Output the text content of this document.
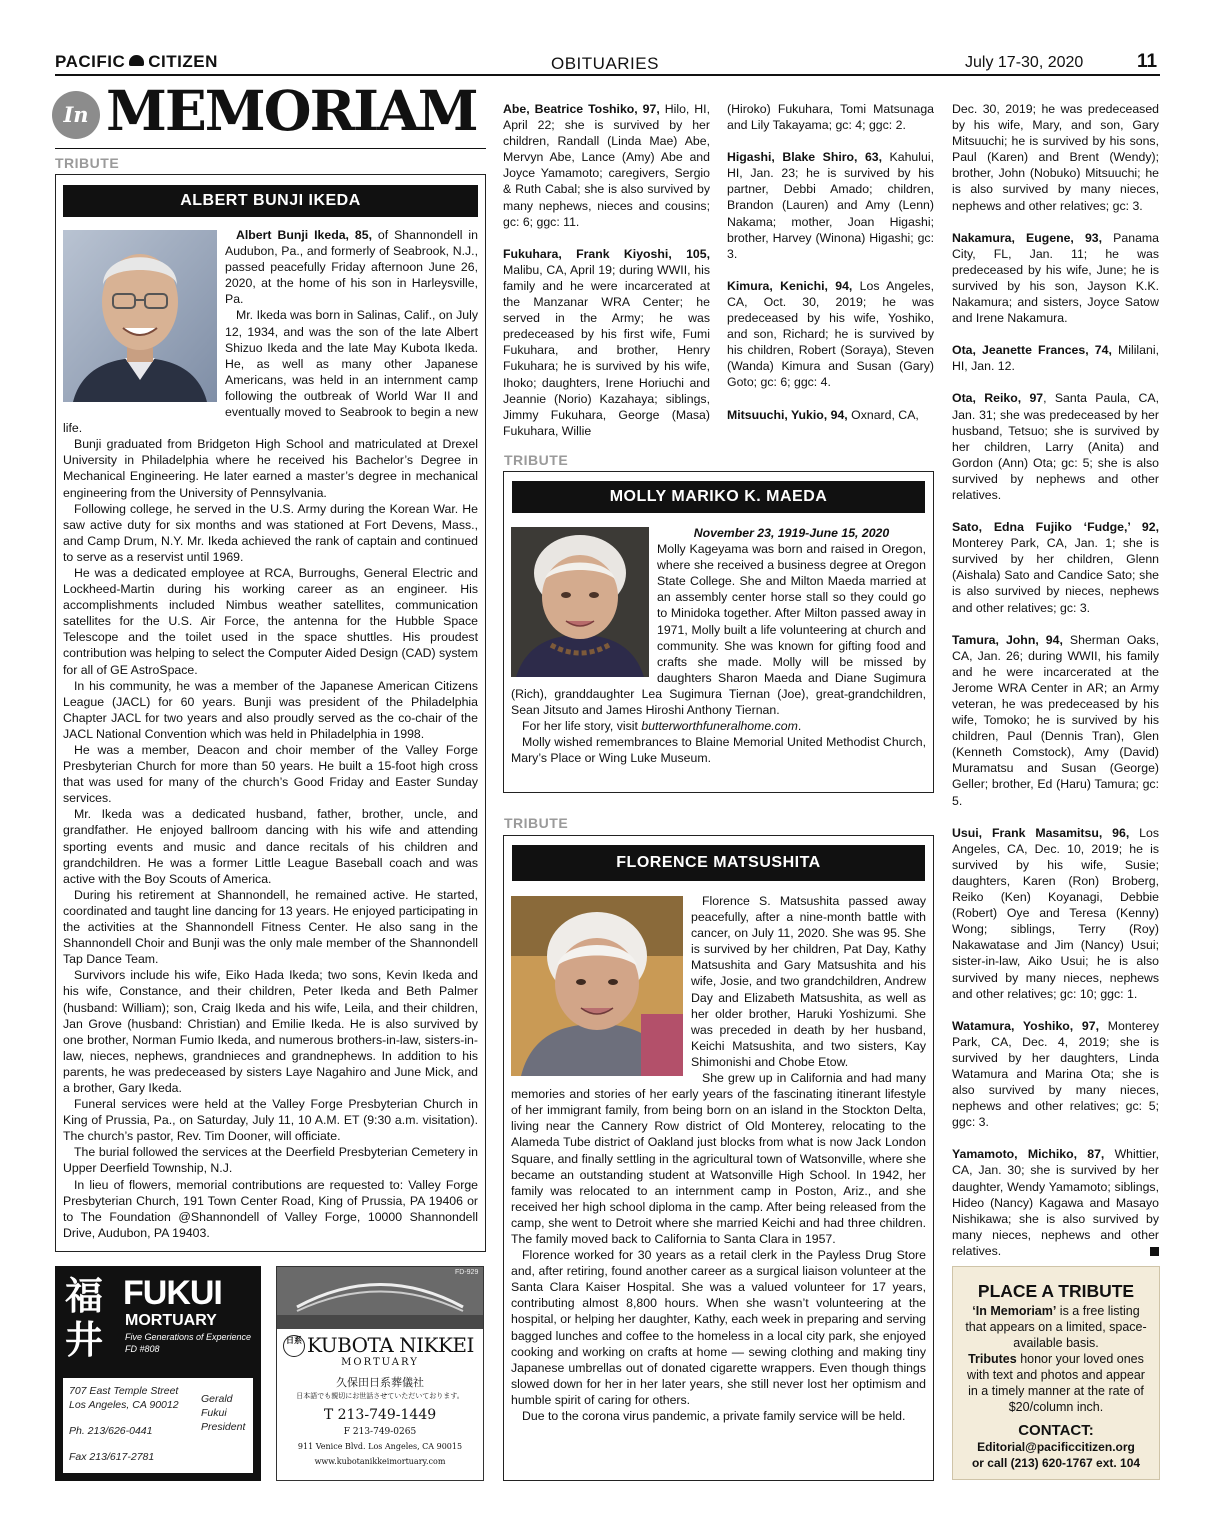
PACIFIC CITIZEN	OBITUARIES	July 17-30, 2020	11
In MEMORIAM
TRIBUTE
ALBERT BUNJI IKEDA

Albert Bunji Ikeda, 85, of Shannondell in Audubon, Pa., and formerly of Seabrook, N.J., passed peacefully Friday afternoon June 26, 2020, at the home of his son in Harleysville, Pa.

Mr. Ikeda was born in Salinas, Calif., on July 12, 1934, and was the son of the late Albert Shizuo Ikeda and the late May Kubota Ikeda. He, as well as many other Japanese Americans, was held in an internment camp following the outbreak of World War II and eventually moved to Seabrook to begin a new life.

Bunji graduated from Bridgeton High School and matriculated at Drexel University in Philadelphia where he received his Bachelor’s Degree in Mechanical Engineering. He later earned a master’s degree in mechanical engineering from the University of Pennsylvania.

Following college, he served in the U.S. Army during the Korean War. He saw active duty for six months and was stationed at Fort Devens, Mass., and Camp Drum, N.Y. Mr. Ikeda achieved the rank of captain and continued to serve as a reservist until 1969.

He was a dedicated employee at RCA, Burroughs, General Electric and Lockheed-Martin during his working career as an engineer. His accomplishments included Nimbus weather satellites, communication satellites for the U.S. Air Force, the antenna for the Hubble Space Telescope and the toilet used in the space shuttles. His proudest contribution was helping to select the Computer Aided Design (CAD) system for all of GE AstroSpace.

In his community, he was a member of the Japanese American Citizens League (JACL) for 60 years. Bunji was president of the Philadelphia Chapter JACL for two years and also proudly served as the co-chair of the JACL National Convention which was held in Philadelphia in 1998.

He was a member, Deacon and choir member of the Valley Forge Presbyterian Church for more than 50 years. He built a 15-foot high cross that was used for many of the church’s Good Friday and Easter Sunday services.

Mr. Ikeda was a dedicated husband, father, brother, uncle, and grandfather. He enjoyed ballroom dancing with his wife and attending sporting events and music and dance recitals of his children and grandchildren. He was a former Little League Baseball coach and was active with the Boy Scouts of America.

During his retirement at Shannondell, he remained active. He started, coordinated and taught line dancing for 13 years. He enjoyed participating in the activities at the Shannondell Fitness Center. He also sang in the Shannondell Choir and Bunji was the only male member of the Shannondell Tap Dance Team.

Survivors include his wife, Eiko Hada Ikeda; two sons, Kevin Ikeda and his wife, Constance, and their children, Peter Ikeda and Beth Palmer (husband: William); son, Craig Ikeda and his wife, Leila, and their children, Jan Grove (husband: Christian) and Emilie Ikeda. He is also survived by one brother, Norman Fumio Ikeda, and numerous brothers-in-law, sisters-in-law, nieces, nephews, grandnieces and grandnephews. In addition to his parents, he was predeceased by sisters Laye Nagahiro and June Mick, and a brother, Gary Ikeda.

Funeral services were held at the Valley Forge Presbyterian Church in King of Prussia, Pa., on Saturday, July 11, 10 A.M. ET (9:30 a.m. visitation). The church’s pastor, Rev. Tim Dooner, will officiate.

The burial followed the services at the Deerfield Presbyterian Cemetery in Upper Deerfield Township, N.J.

In lieu of flowers, memorial contributions are requested to: Valley Forge Presbyterian Church, 191 Town Center Road, King of Prussia, PA 19406 or to The Foundation @Shannondell of Valley Forge, 10000 Shannondell Drive, Audubon, PA 19403.

Abe, Beatrice Toshiko, 97, Hilo, HI, April 22; she is survived by her children, Randall (Linda Mae) Abe, Mervyn Abe, Lance (Amy) Abe and Joyce Yamamoto; caregivers, Sergio & Ruth Cabal; she is also survived by many nephews, nieces and cousins; gc: 6; ggc: 11.

Fukuhara, Frank Kiyoshi, 105, Malibu, CA, April 19; during WWII, his family and he were incarcerated at the Manzanar WRA Center; he served in the Army; he was predeceased by his first wife, Fumi Fukuhara, and brother, Henry Fukuhara; he is survived by his wife, Ihoko; daughters, Irene Horiuchi and Jeannie (Norio) Kazahaya; siblings, Jimmy Fukuhara, George (Masa) Fukuhara, Willie

(Hiroko) Fukuhara, Tomi Matsunaga and Lily Takayama; gc: 4; ggc: 2.

Higashi, Blake Shiro, 63, Kahului, HI, Jan. 23; he is survived by his partner, Debbi Amado; children, Brandon (Lauren) and Amy (Lenn) Nakama; mother, Joan Higashi; brother, Harvey (Winona) Higashi; gc: 3.

Kimura, Kenichi, 94, Los Angeles, CA, Oct. 30, 2019; he was predeceased by his wife, Yoshiko, and son, Richard; he is survived by his children, Robert (Soraya), Steven (Wanda) Kimura and Susan (Gary) Goto; gc: 6; ggc: 4.

Mitsuuchi, Yukio, 94, Oxnard, CA,

TRIBUTE
MOLLY MARIKO K. MAEDA

November 23, 1919-June 15, 2020

Molly Kageyama was born and raised in Oregon, where she received a business degree at Oregon State College. She and Milton Maeda married at an assembly center horse stall so they could go to Minidoka together. After Milton passed away in 1971, Molly built a life volunteering at church and community. She was known for gifting food and crafts she made. Molly will be missed by daughters Sharon Maeda and Diane Sugimura (Rich), granddaughter Lea Sugimura Tiernan (Joe), great-grandchildren, Sean Jitsuto and James Hiroshi Anthony Tiernan.

For her life story, visit butterworthfuneralhome.com.

Molly wished remembrances to Blaine Memorial United Methodist Church, Mary’s Place or Wing Luke Museum.

TRIBUTE
FLORENCE MATSUSHITA

Florence S. Matsushita passed away peacefully, after a nine-month battle with cancer, on July 11, 2020. She was 95. She is survived by her children, Pat Day, Kathy Matsushita and Gary Matsushita and his wife, Josie, and two grandchildren, Andrew Day and Elizabeth Matsushita, as well as her older brother, Haruki Yoshizumi. She was preceded in death by her husband, Keichi Matsushita, and two sisters, Kay Shimonishi and Chobe Etow.

She grew up in California and had many memories and stories of her early years of the fascinating itinerant lifestyle of her immigrant family, from being born on an island in the Stockton Delta, living near the Cannery Row district of Old Monterey, relocating to the Alameda Tube district of Oakland just blocks from what is now Jack London Square, and finally settling in the agricultural town of Watsonville, where she became an outstanding student at Watsonville High School. In 1942, her family was relocated to an internment camp in Poston, Ariz., and she received her high school diploma in the camp. After being released from the camp, she went to Detroit where she married Keichi and had three children. The family moved back to California to Santa Clara in 1957.

Florence worked for 30 years as a retail clerk in the Payless Drug Store and, after retiring, found another career as a surgical liaison volunteer at the Santa Clara Kaiser Hospital. She was a valued volunteer for 17 years, contributing almost 8,800 hours. When she wasn’t volunteering at the hospital, or helping her daughter, Kathy, each week in preparing and serving bagged lunches and coffee to the homeless in a local city park, she enjoyed cooking and working on crafts at home — sewing clothing and making tiny Japanese umbrellas out of donated cigarette wrappers. Even though things slowed down for her in her later years, she still never lost her optimism and humble spirit of caring for others.

Due to the corona virus pandemic, a private family service will be held.

Dec. 30, 2019; he was predeceased by his wife, Mary, and son, Gary Mitsuuchi; he is survived by his sons, Paul (Karen) and Brent (Wendy); brother, John (Nobuko) Mitsuuchi; he is also survived by many nieces, nephews and other relatives; gc: 3.

Nakamura, Eugene, 93, Panama City, FL, Jan. 11; he was predeceased by his wife, June; he is survived by his son, Jayson K.K. Nakamura; and sisters, Joyce Satow and Irene Nakamura.

Ota, Jeanette Frances, 74, Mililani, HI, Jan. 12.

Ota, Reiko, 97, Santa Paula, CA, Jan. 31; she was predeceased by her husband, Tetsuo; she is survived by her children, Larry (Anita) and Gordon (Ann) Ota; gc: 5; she is also survived by nephews and other relatives.

Sato, Edna Fujiko ‘Fudge,’ 92, Monterey Park, CA, Jan. 1; she is survived by her children, Glenn (Aishala) Sato and Candice Sato; she is also survived by nieces, nephews and other relatives; gc: 3.

Tamura, John, 94, Sherman Oaks, CA, Jan. 26; during WWII, his family and he were incarcerated at the Jerome WRA Center in AR; an Army veteran, he was predeceased by his wife, Tomoko; he is survived by his children, Paul (Dennis Tran), Glen (Kenneth Comstock), Amy (David) Muramatsu and Susan (George) Geller; brother, Ed (Haru) Tamura; gc: 5.

Usui, Frank Masamitsu, 96, Los Angeles, CA, Dec. 10, 2019; he is survived by his wife, Susie; daughters, Karen (Ron) Broberg, Reiko (Ken) Koyanagi, Debbie (Robert) Oye and Teresa (Kenny) Wong; siblings, Terry (Roy) Nakawatase and Jim (Nancy) Usui; sister-in-law, Aiko Usui; he is also survived by many nieces, nephews and other relatives; gc: 10; ggc: 1.

Watamura, Yoshiko, 97, Monterey Park, CA, Dec. 4, 2019; she is survived by her daughters, Linda Watamura and Marina Ota; she is also survived by many nieces, nephews and other relatives; gc: 5; ggc: 3.

Yamamoto, Michiko, 87, Whittier, CA, Jan. 30; she is survived by her daughter, Wendy Yamamoto; siblings, Hideo (Nancy) Kagawa and Masayo Nishikawa; she is also survived by many nieces, nephews and other relatives.

福
井
FUKUI
MORTUARY
Five Generations of Experience
FD #808
707 East Temple Street
Los Angeles, CA 90012
Ph. 213/626-0441
Fax 213/617-2781
Gerald
Fukui
President
FD-929
日系 KUBOTA NIKKEI
MORTUARY
久保田日系葬儀社
日本語でも親切にお世話させていただいております。
T 213-749-1449
F 213-749-0265
911 Venice Blvd. Los Angeles, CA 90015
www.kubotanikkeimortuary.com
PLACE A TRIBUTE
‘In Memoriam’ is a free listing that appears on a limited, space-available basis.
Tributes honor your loved ones with text and photos and appear in a timely manner at the rate of $20/column inch.
CONTACT:
Editorial@pacificcitizen.org
or call (213) 620-1767 ext. 104
